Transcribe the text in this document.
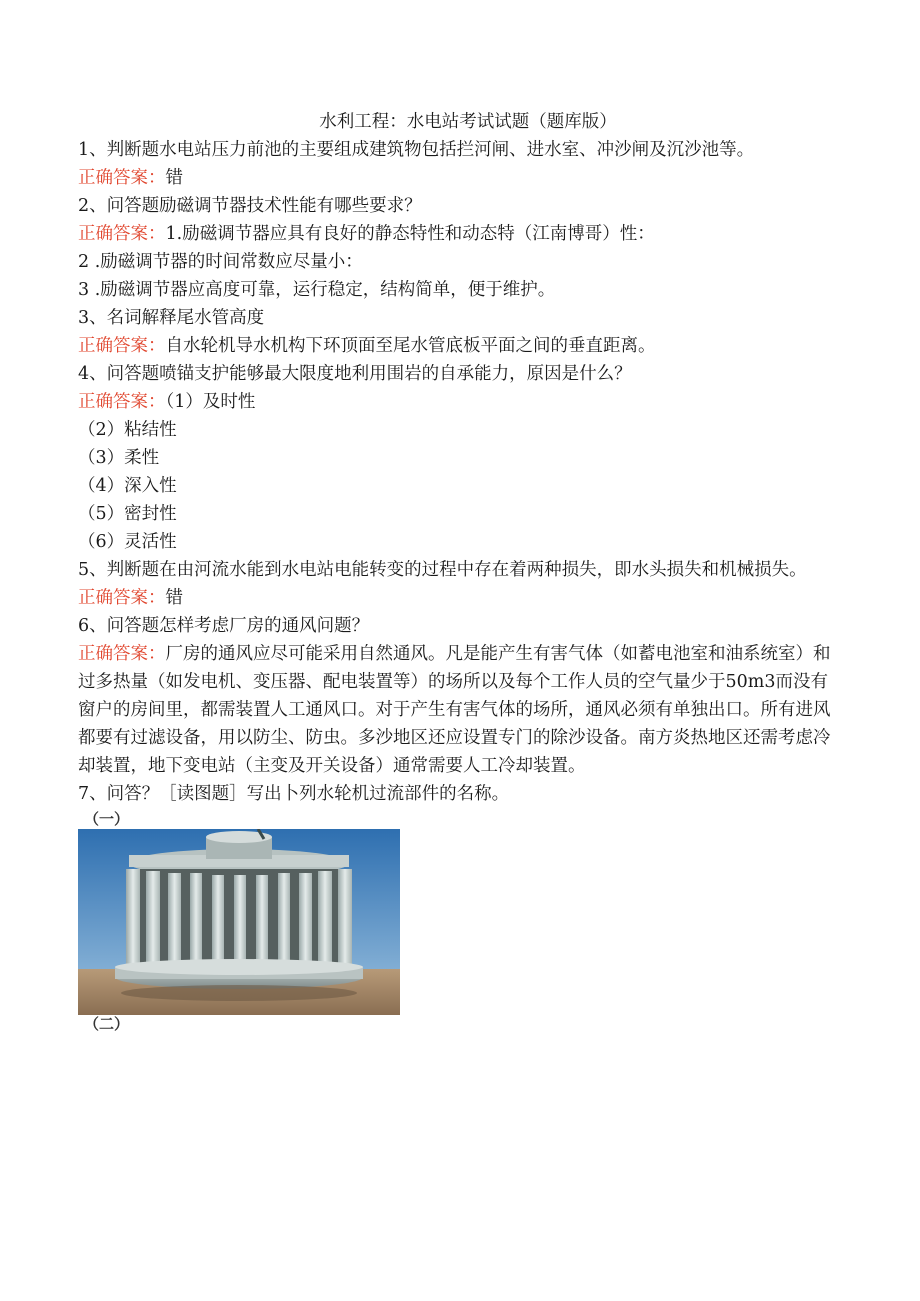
水利工程：水电站考试试题（题库版）

1、判断题水电站压力前池的主要组成建筑物包括拦河闸、进水室、冲沙闸及沉沙池等。

正确答案：错

2、问答题励磁调节器技术性能有哪些要求？

正确答案：1.励磁调节器应具有良好的静态特性和动态特（江南博哥）性：

2 .励磁调节器的时间常数应尽量小：

3 .励磁调节器应高度可靠，运行稳定，结构简单，便于维护。

3、名词解释尾水管高度

正确答案：自水轮机导水机构下环顶面至尾水管底板平面之间的垂直距离。

4、问答题喷锚支护能够最大限度地利用围岩的自承能力，原因是什么？

正确答案：（1）及时性

（2）粘结性

（3）柔性

（4）深入性

（5）密封性

（6）灵活性

5、判断题在由河流水能到水电站电能转变的过程中存在着两种损失，即水头损失和机械损失。

正确答案：错

6、问答题怎样考虑厂房的通风问题？

正确答案：厂房的通风应尽可能采用自然通风。凡是能产生有害气体（如蓄电池室和油系统室）和过多热量（如发电机、变压器、配电装置等）的场所以及每个工作人员的空气量少于50m3而没有窗户的房间里，都需装置人工通风口。对于产生有害气体的场所，通风必须有单独出口。所有进风都要有过滤设备，用以防尘、防虫。多沙地区还应设置专门的除沙设备。南方炎热地区还需考虑冷却装置，地下变电站（主变及开关设备）通常需要人工冷却装置。

7、问答？［读图题］写出卜列水轮机过流部件的名称。

（一）
（二）
